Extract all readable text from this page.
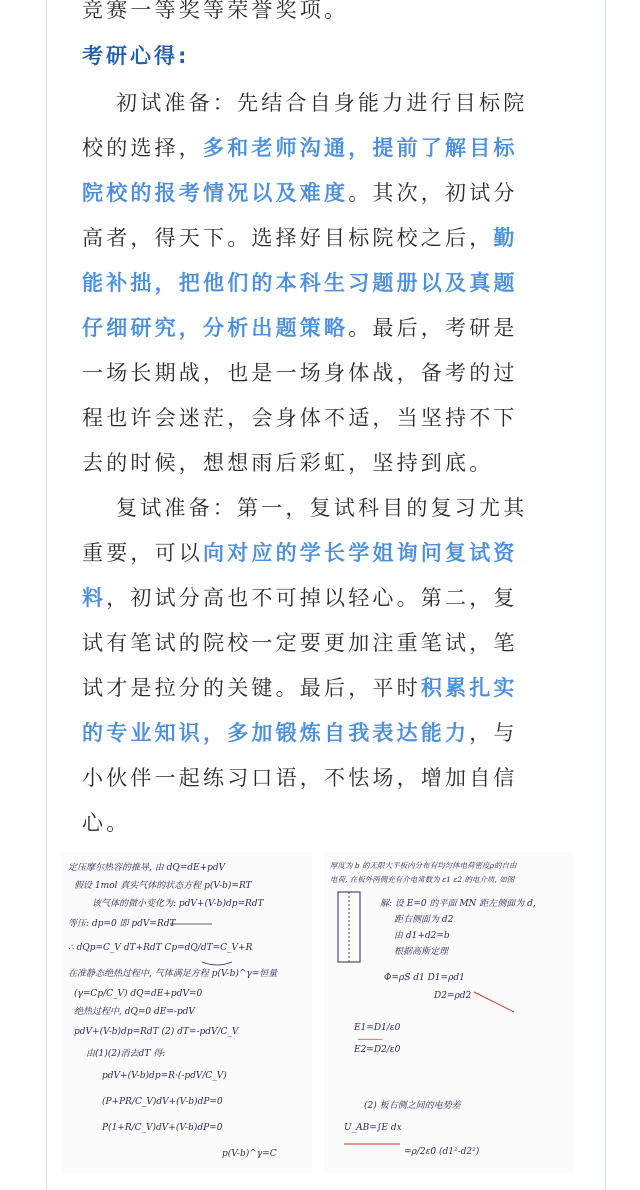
竞赛一等奖等荣誉奖项。
考研心得:
初试准备：先结合自身能力进行目标院
校的选择，多和老师沟通，提前了解目标
院校的报考情况以及难度。其次，初试分
高者，得天下。选择好目标院校之后，勤
能补拙，把他们的本科生习题册以及真题
仔细研究，分析出题策略。最后，考研是
一场长期战，也是一场身体战，备考的过
程也许会迷茫，会身体不适，当坚持不下
去的时候，想想雨后彩虹，坚持到底。
复试准备：第一，复试科目的复习尤其
重要，可以向对应的学长学姐询问复试资
料，初试分高也不可掉以轻心。第二，复
试有笔试的院校一定要更加注重笔试，笔
试才是拉分的关键。最后，平时积累扎实
的专业知识，多加锻炼自我表达能力，与
小伙伴一起练习口语，不怯场，增加自信
心。
定压摩尔热容的推导, 由 dQ=dE+pdV
假设 1mol 真实气体的状态方程 p(V-b)=RT
该气体的微小变化为: pdV+(V-b)dp=RdT
等压: dp=0 即 pdV=RdT
∴ dQp=C_V dT+RdT Cp=dQ/dT=C_V+R
在准静态绝热过程中, 气体满足方程 p(V-b)^γ=恒量
(γ=Cp/C_V) dQ=dE+pdV=0
绝热过程中, dQ=0 dE=-pdV
pdV+(V-b)dp=RdT (2) dT=-pdV/C_V
由(1)(2)消去dT 得:
pdV+(V-b)dp=R·(-pdV/C_V)
(P+PR/C_V)dV+(V-b)dP=0
P(1+R/C_V)dV+(V-b)dP=0
p(V-b)^γ=C
厚度为 b 的无限大平板内分布有均匀体电荷密度ρ的自由
电荷, 在板外两侧充有介电常数为 ε1 ε2 的电介质, 如图
解: 设 E=0 的平面 MN 距左侧面为 d,
距右侧面为 d2
由 d1+d2=b
根据高斯定理
Φ=ρS d1 D1=ρd1
D2=ρd2
E1=D1/ε0
E2=D2/ε0
─────
(2) 板右侧之间的电势差
U_AB=∫E dx
=ρ/2ε0 (d1²-d2²)
